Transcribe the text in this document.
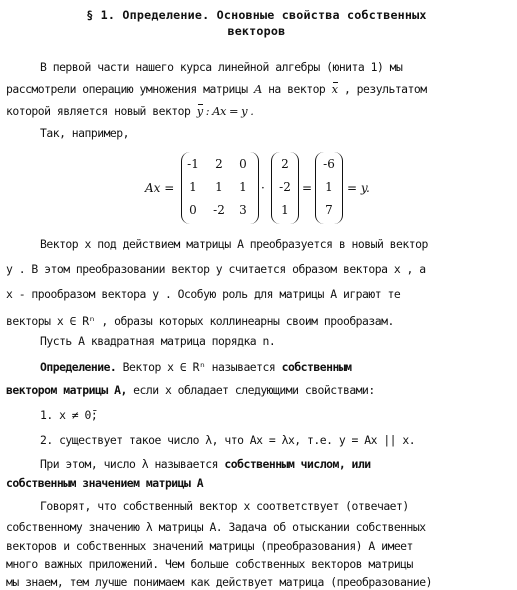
§ 1. Определение. Основные свойства собственных
векторов
В первой части нашего курса линейной алгебры (юнита 1) мы
рассмотрели операцию умножения матрицы A на вектор x , результатом
которой является новый вектор y : Ax = y .
Так, например,
Ax =
-1	2	0
1	1	1
0	-2	3
·
2
-2
1
=
-6
1
7
= y.
Вектор x под действием матрицы A преобразуется в новый вектор
y . В этом преобразовании вектор y считается образом вектора x , а
x - прообразом вектора y . Особую роль для матрицы A играют те
векторы x ∈ Rⁿ , образы которых коллинеарны своим прообразам.
Пусть A квадратная матрица порядка n.
Определение. Вектор x ∈ Rⁿ называется собственным
вектором матрицы A, если x обладает следующими свойствами:
1. x ≠ 0̄;
2. существует такое число λ, что Ax = λx, т.е. y = Ax || x.
При этом, число λ называется собственным числом, или
собственным значением матрицы A
Говорят, что собственный вектор x соответствует (отвечает)
собственному значению λ матрицы A. Задача об отыскании собственных
векторов и собственных значений матрицы (преобразования) A имеет
много важных приложений. Чем больше собственных векторов матрицы
мы знаем, тем лучше понимаем как действует матрица (преобразование)
